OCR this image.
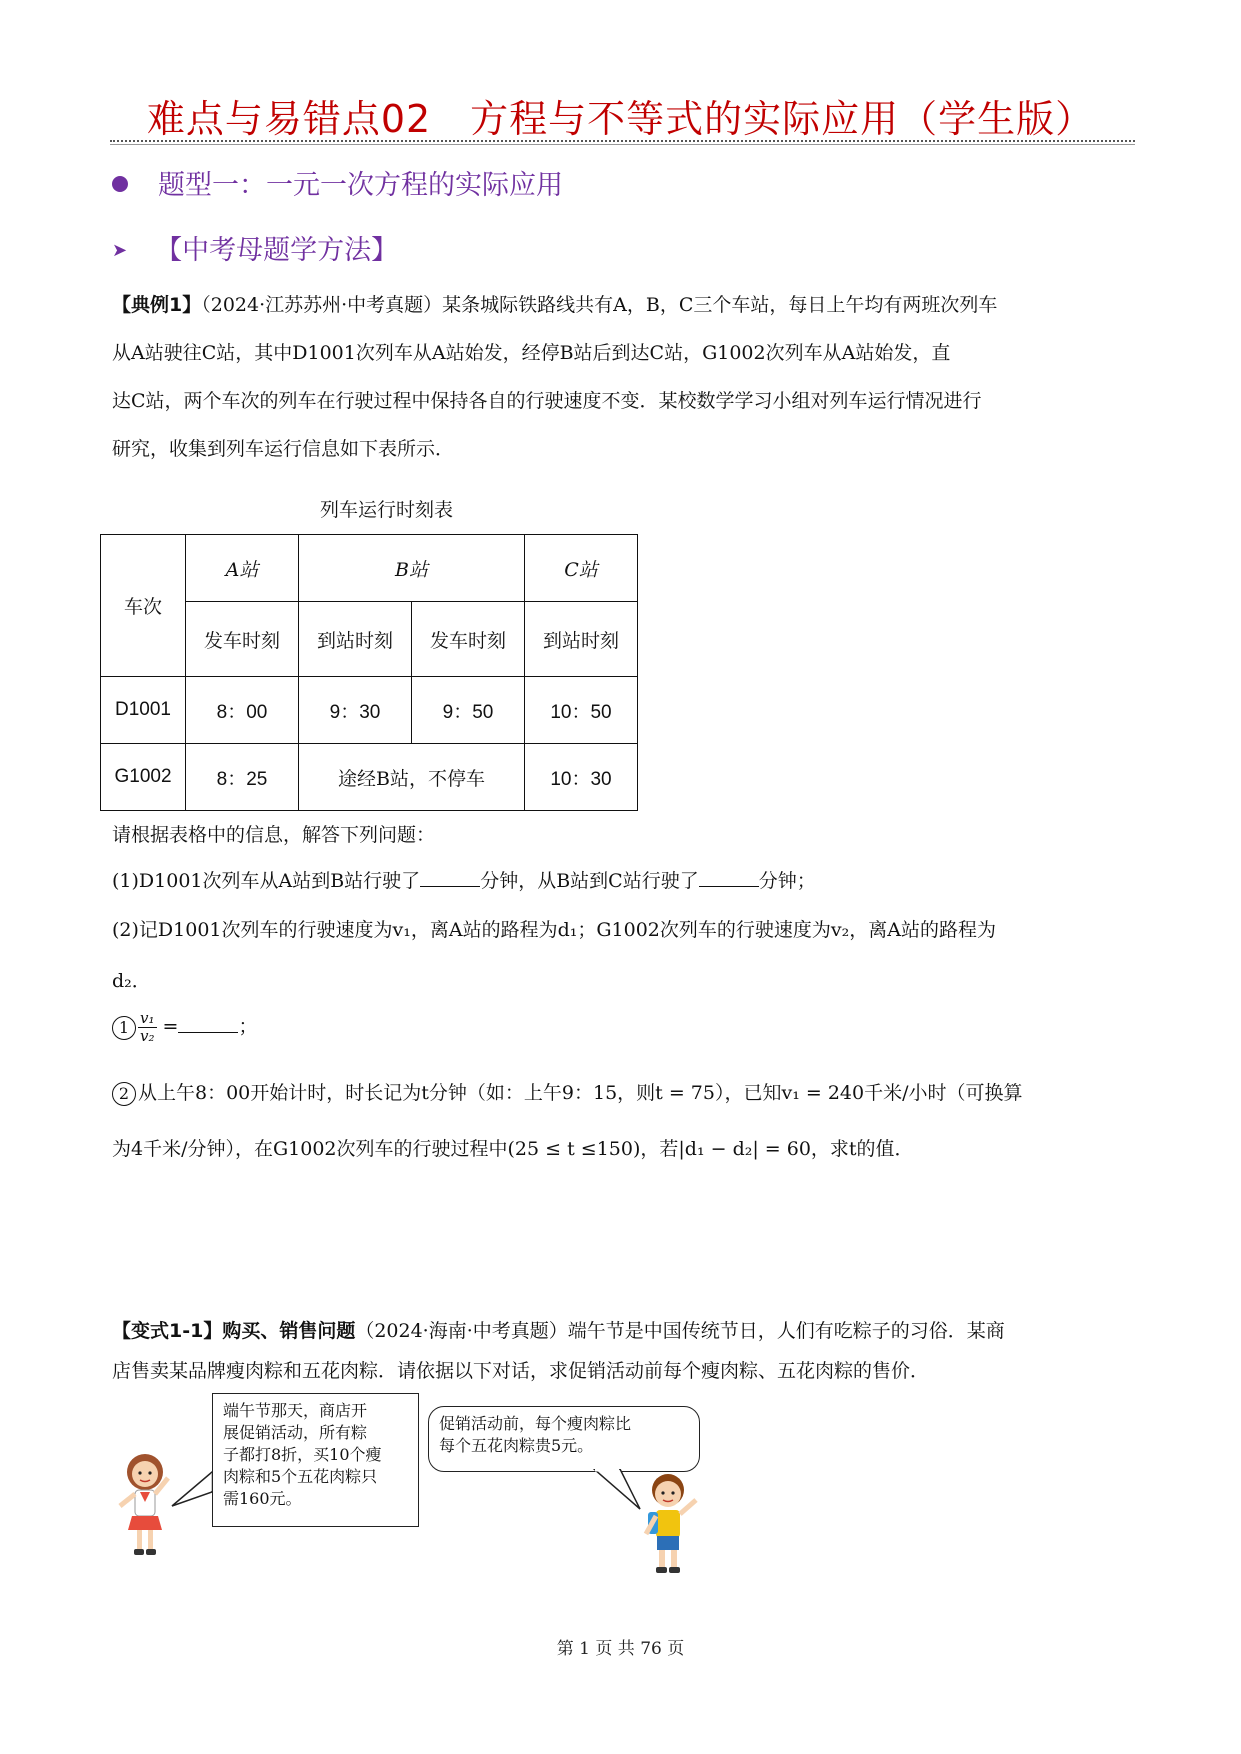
难点与易错点02　方程与不等式的实际应用（学生版）
题型一：一元一次方程的实际应用
➤ 【中考母题学方法】
【典例1】（2024·江苏苏州·中考真题）某条城际铁路线共有A，B，C三个车站，每日上午均有两班次列车
从A站驶往C站，其中D1001次列车从A站始发，经停B站后到达C站，G1002次列车从A站始发，直
达C站，两个车次的列车在行驶过程中保持各自的行驶速度不变．某校数学学习小组对列车运行情况进行
研究，收集到列车运行信息如下表所示．
列车运行时刻表
车次	A站	B站		C站
	发车时刻	到站时刻	发车时刻	到站时刻
D1001	8：00	9：30	9：50	10：50
G1002	8：25	途经B站，不停车		10：30
请根据表格中的信息，解答下列问题：
(1)D1001次列车从A站到B站行驶了	分钟，从B站到C站行驶了	分钟；
(2)记D1001次列车的行驶速度为v₁，离A站的路程为d₁；G1002次列车的行驶速度为v₂，离A站的路程为
d₂．
$1 \frac{\text{v₁}}{\text{v₂}}$ =	；
2 从上午8：00开始计时，时长记为t分钟（如：上午9：15，则t = 75），已知v₁ = 240千米/小时（可换算
为4千米/分钟），在G1002次列车的行驶过程中(25 ≤ t ≤150)，若|d₁ − d₂| = 60，求t的值．
【变式1-1】购买、销售问题（2024·海南·中考真题）端午节是中国传统节日，人们有吃粽子的习俗．某商
店售卖某品牌瘦肉粽和五花肉粽．请依据以下对话，求促销活动前每个瘦肉粽、五花肉粽的售价．
端午节那天，商店开
展促销活动，所有粽
子都打8折，买10个瘦
肉粽和5个五花肉粽只
需160元。
促销活动前，每个瘦肉粽比
每个五花肉粽贵5元。
第 1 页 共 76 页
